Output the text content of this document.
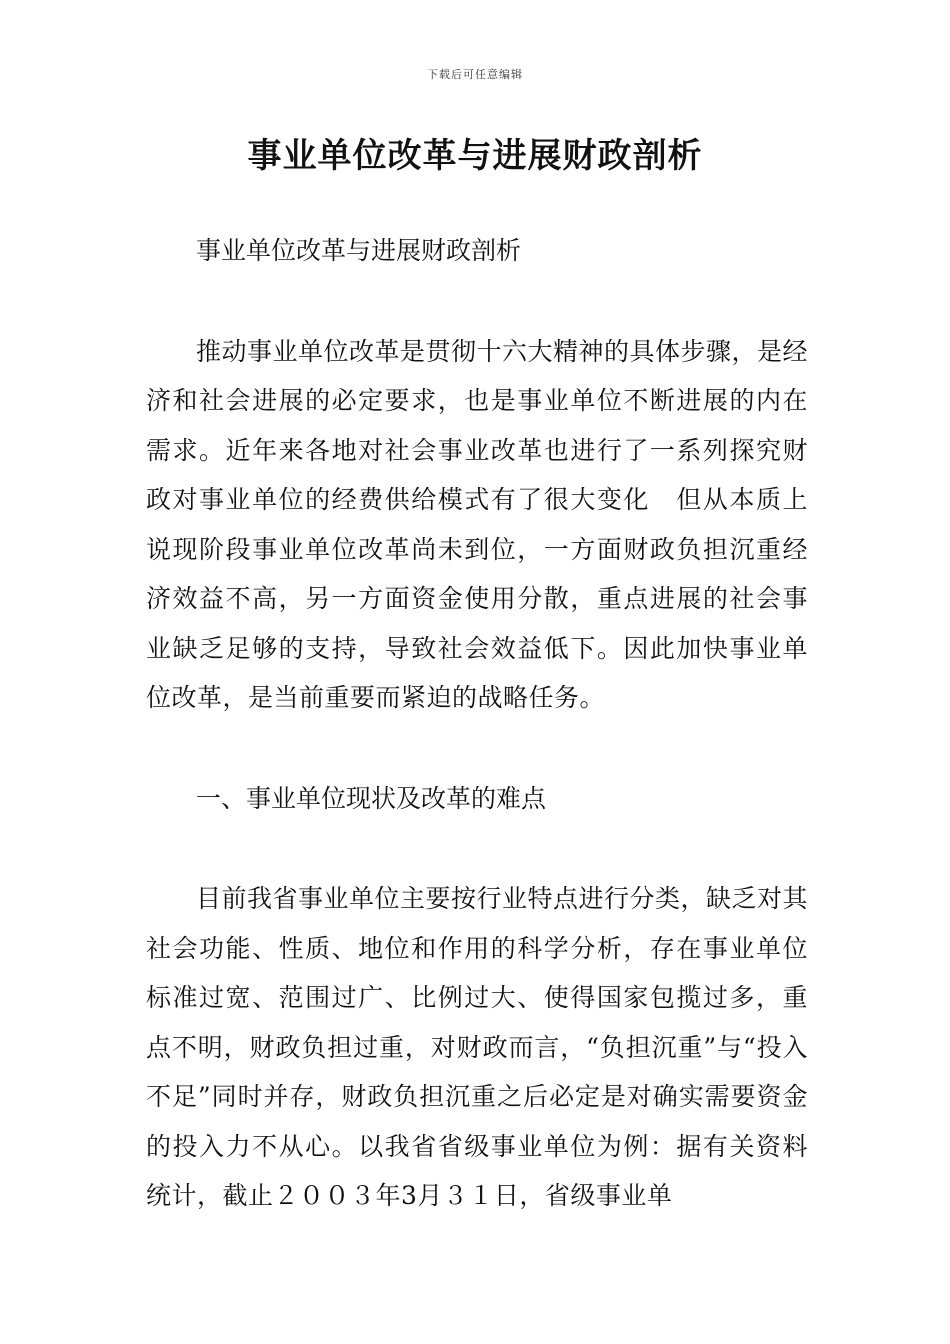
下载后可任意编辑
事业单位改革与进展财政剖析

事业单位改革与进展财政剖析

推动事业单位改革是贯彻十六大精神的具体步骤，是经济和社会进展的必定要求，也是事业单位不断进展的内在需求。近年来各地对社会事业改革也进行了一系列探究财政对事业单位的经费供给模式有了很大变化　但从本质上说现阶段事业单位改革尚未到位，一方面财政负担沉重经济效益不高，另一方面资金使用分散，重点进展的社会事业缺乏足够的支持，导致社会效益低下。因此加快事业单位改革，是当前重要而紧迫的战略任务。

一、事业单位现状及改革的难点

目前我省事业单位主要按行业特点进行分类，缺乏对其社会功能、性质、地位和作用的科学分析，存在事业单位标准过宽、范围过广、比例过大、使得国家包揽过多，重点不明，财政负担过重，对财政而言，“负担沉重”与“投入不足”同时并存，财政负担沉重之后必定是对确实需要资金的投入力不从心。以我省省级事业单位为例：据有关资料统计，截止２００３年3月３１日，省级事业单
